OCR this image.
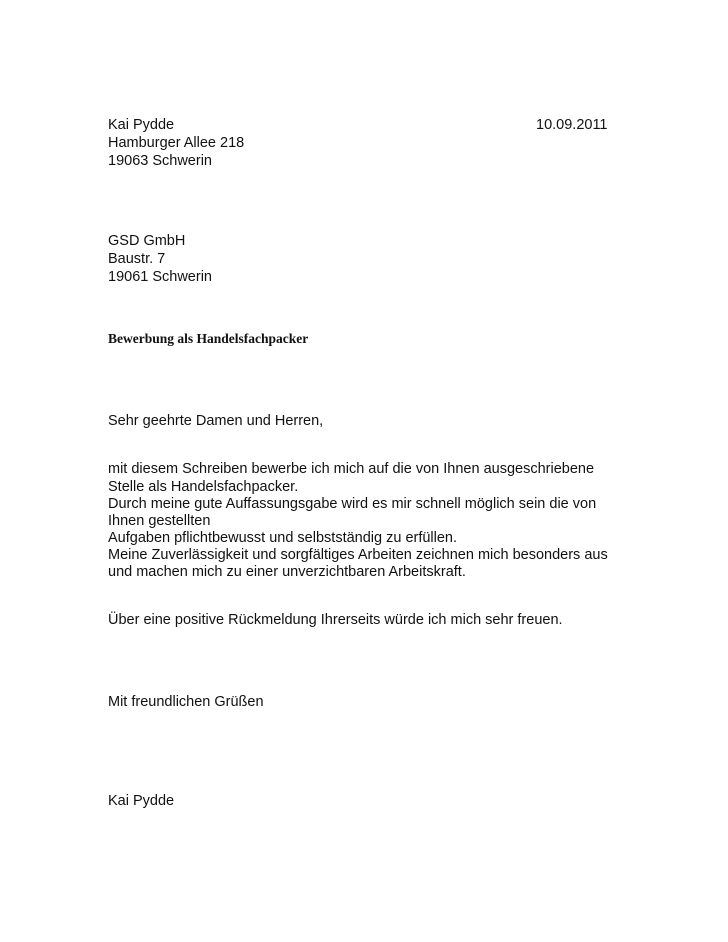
Kai Pydde
Hamburger Allee 218
19063 Schwerin
10.09.2011
GSD GmbH
Baustr. 7
19061 Schwerin
Bewerbung als Handelsfachpacker
Sehr geehrte Damen und Herren,
mit diesem Schreiben bewerbe ich mich auf die von Ihnen ausgeschriebene
Stelle als Handelsfachpacker.
Durch meine gute Auffassungsgabe wird es mir schnell möglich sein die von
Ihnen gestellten
Aufgaben pflichtbewusst und selbstständig zu erfüllen.
Meine Zuverlässigkeit und sorgfältiges Arbeiten zeichnen mich besonders aus
und machen mich zu einer unverzichtbaren Arbeitskraft.
Über eine positive Rückmeldung Ihrerseits würde ich mich sehr freuen.
Mit freundlichen Grüßen
Kai Pydde
